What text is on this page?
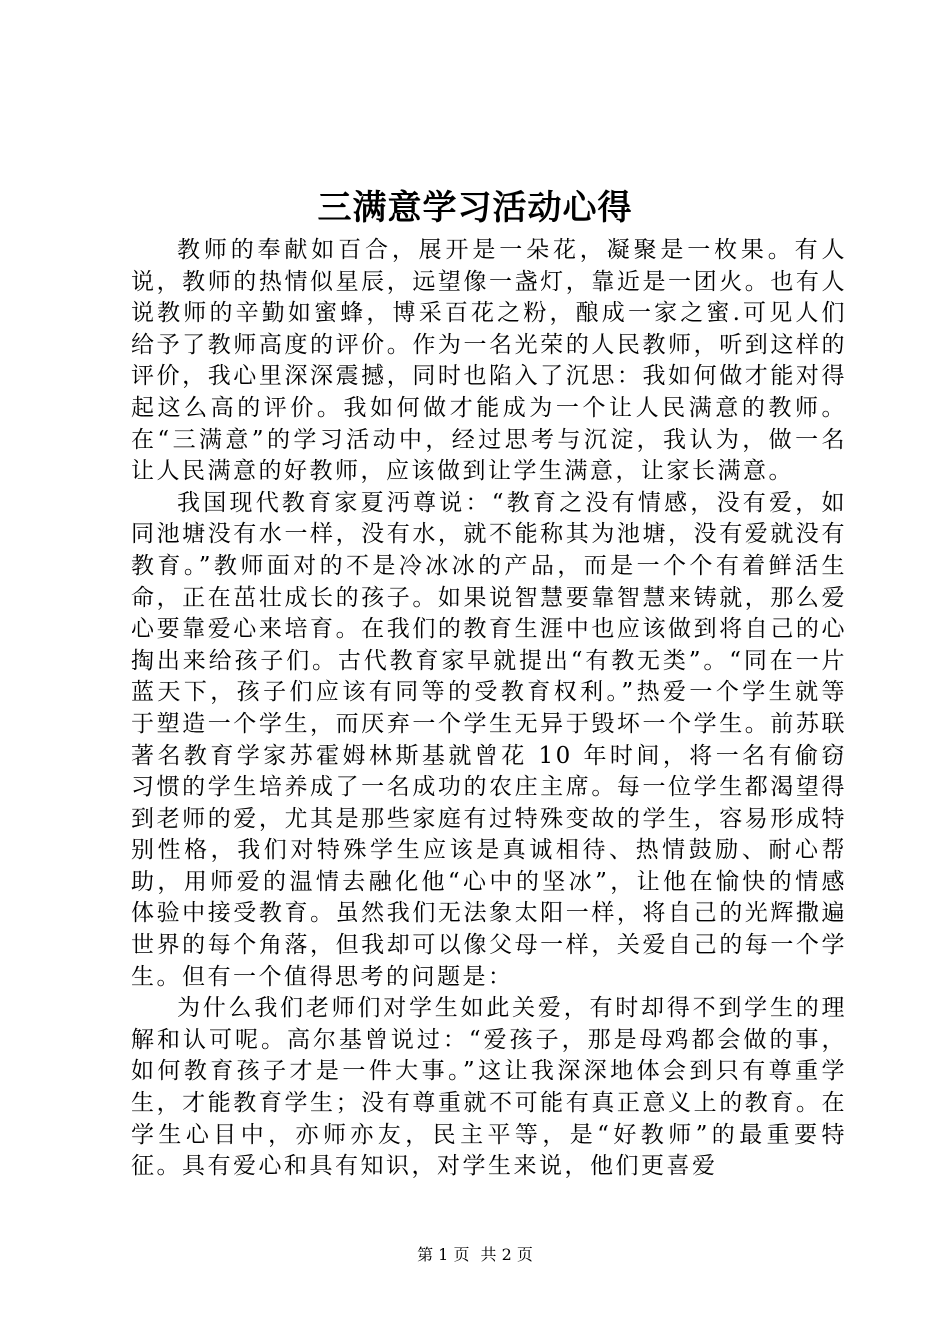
三满意学习活动心得

教师的奉献如百合，展开是一朵花，凝聚是一枚果。有人说，教师的热情似星辰，远望像一盏灯，靠近是一团火。也有人说教师的辛勤如蜜蜂，博采百花之粉，酿成一家之蜜.可见人们给予了教师高度的评价。作为一名光荣的人民教师，听到这样的评价，我心里深深震撼，同时也陷入了沉思：我如何做才能对得起这么高的评价。我如何做才能成为一个让人民满意的教师。在“三满意”的学习活动中，经过思考与沉淀，我认为，做一名让人民满意的好教师，应该做到让学生满意，让家长满意。

我国现代教育家夏沔尊说：“教育之没有情感，没有爱，如同池塘没有水一样，没有水，就不能称其为池塘，没有爱就没有教育。”教师面对的不是冷冰冰的产品，而是一个个有着鲜活生命，正在茁壮成长的孩子。如果说智慧要靠智慧来铸就，那么爱心要靠爱心来培育。在我们的教育生涯中也应该做到将自己的心掏出来给孩子们。古代教育家早就提出“有教无类”。“同在一片蓝天下，孩子们应该有同等的受教育权利。”热爱一个学生就等于塑造一个学生，而厌弃一个学生无异于毁坏一个学生。前苏联著名教育学家苏霍姆林斯基就曾花 10 年时间，将一名有偷窃习惯的学生培养成了一名成功的农庄主席。每一位学生都渴望得到老师的爱，尤其是那些家庭有过特殊变故的学生，容易形成特别性格，我们对特殊学生应该是真诚相待、热情鼓励、耐心帮助，用师爱的温情去融化他“心中的坚冰”，让他在愉快的情感体验中接受教育。虽然我们无法象太阳一样，将自己的光辉撒遍世界的每个角落，但我却可以像父母一样，关爱自己的每一个学生。但有一个值得思考的问题是：

为什么我们老师们对学生如此关爱，有时却得不到学生的理解和认可呢。高尔基曾说过：“爱孩子，那是母鸡都会做的事，如何教育孩子才是一件大事。”这让我深深地体会到只有尊重学生，才能教育学生；没有尊重就不可能有真正意义上的教育。在学生心目中，亦师亦友，民主平等，是“好教师”的最重要特征。具有爱心和具有知识，对学生来说，他们更喜爱

第 1 页 共 2 页
